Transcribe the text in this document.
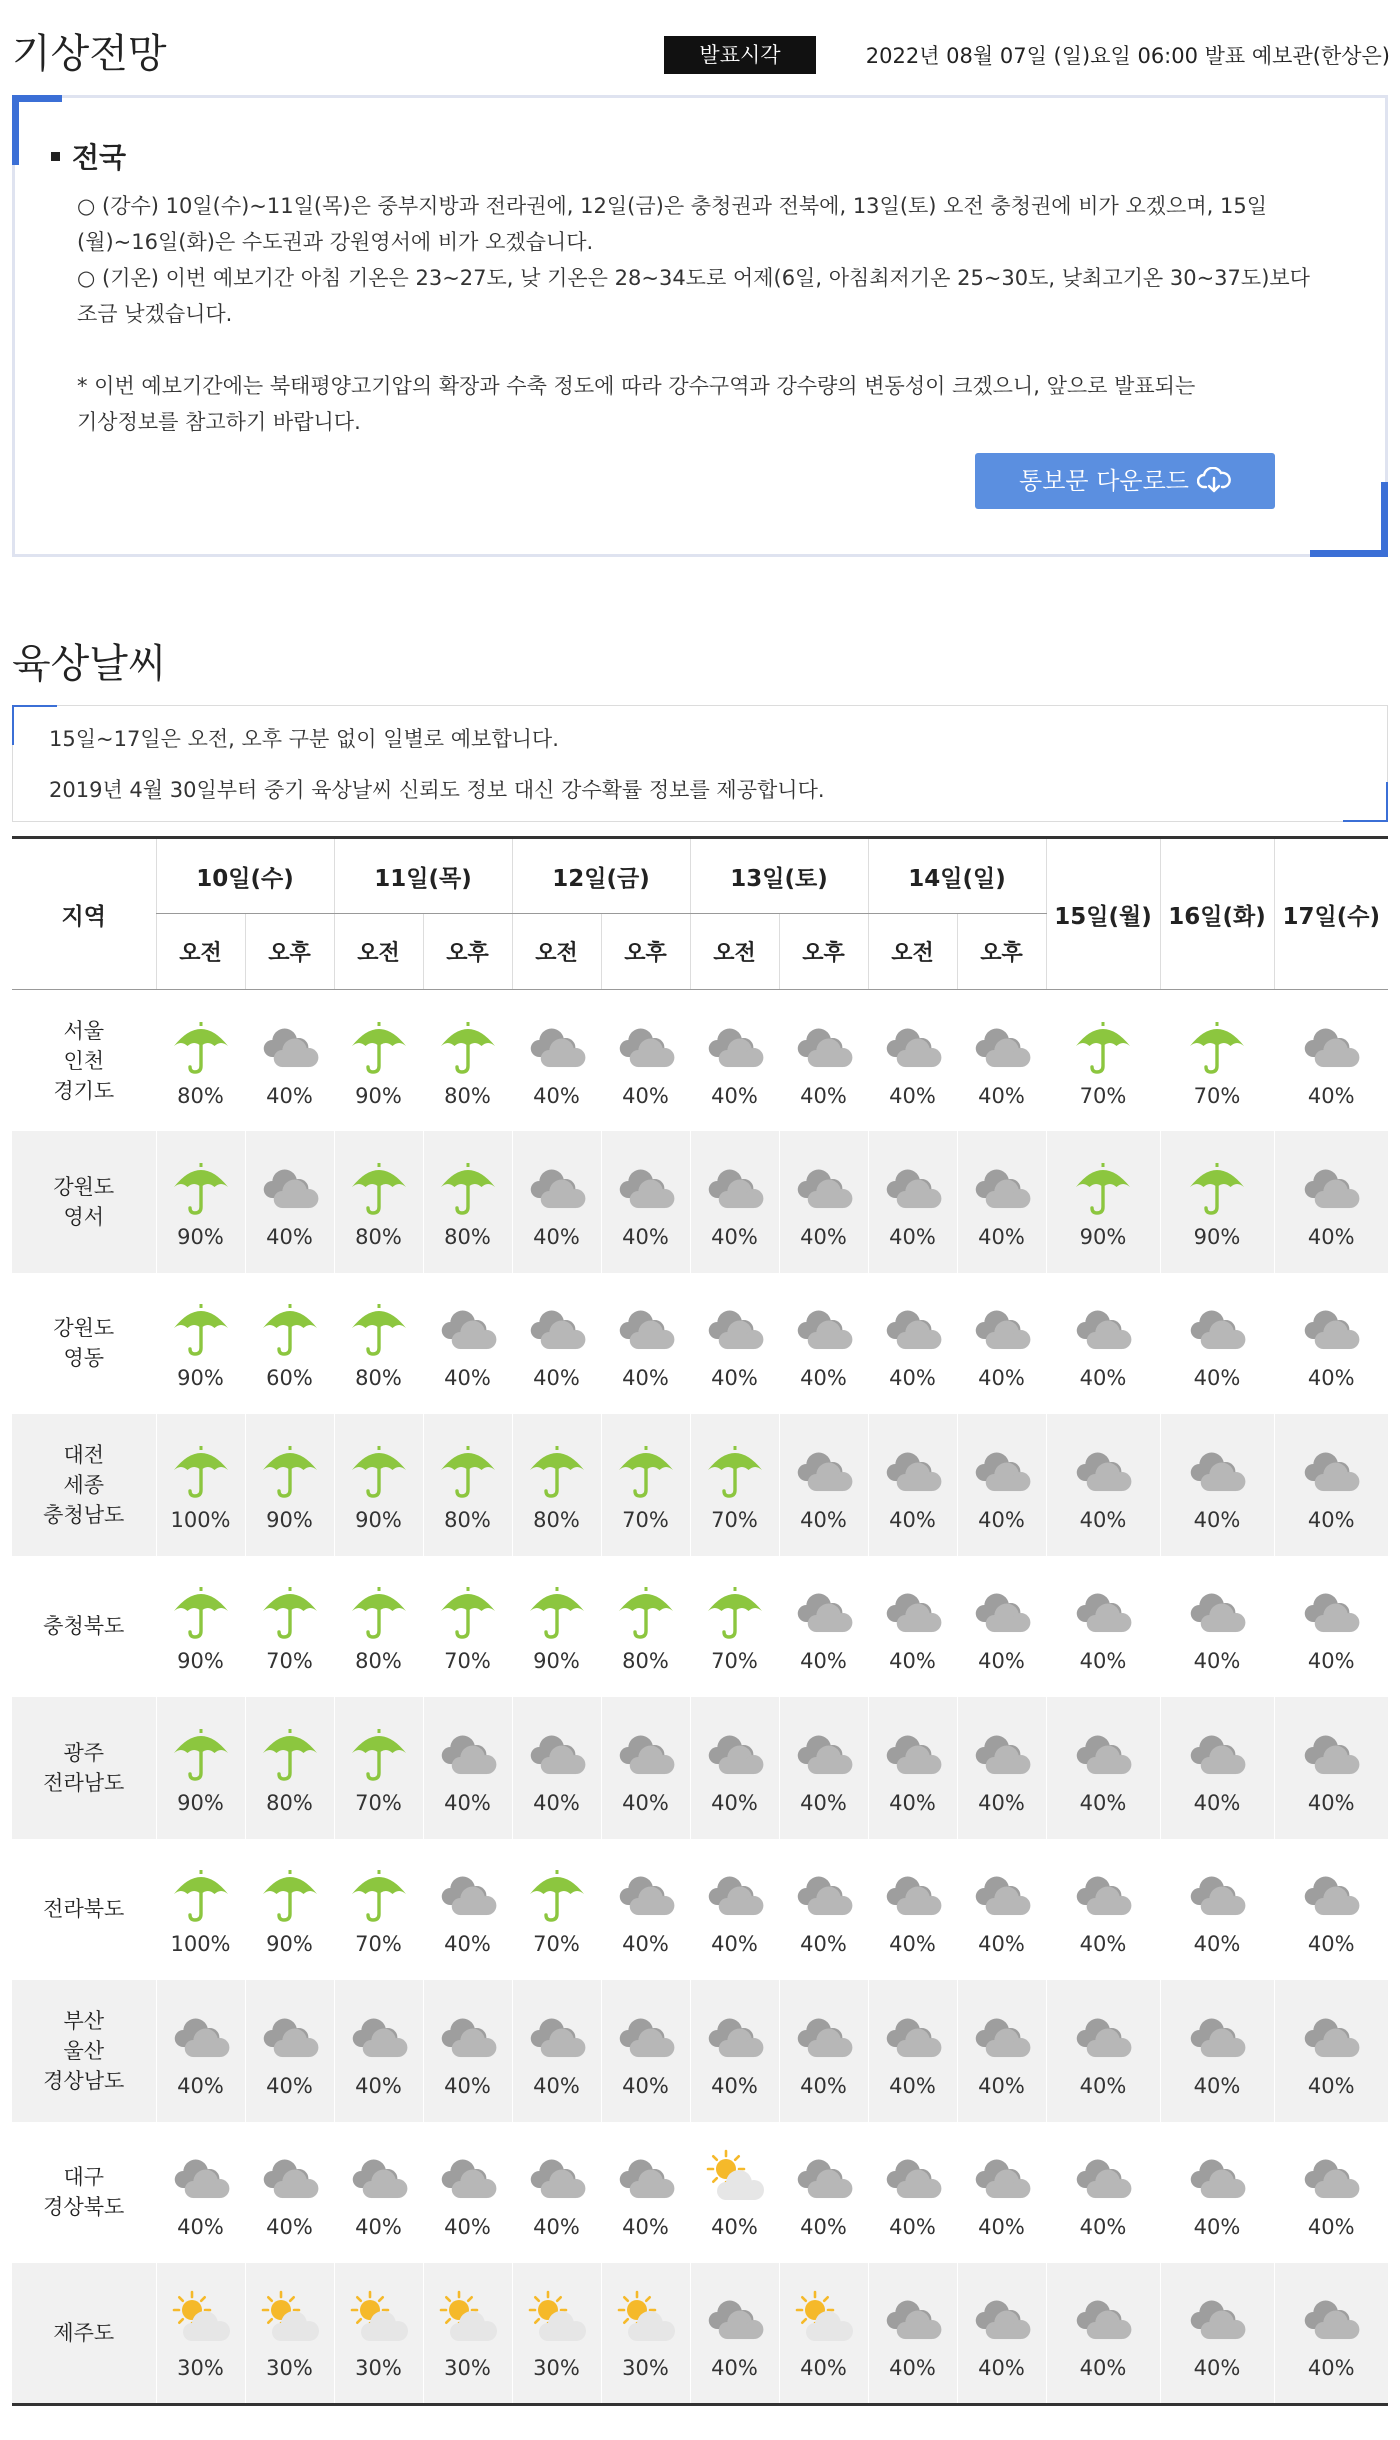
기상전망	발표시각	2022년 08월 07일 (일)요일 06:00 발표 예보관(한상은)
전국

○ (강수) 10일(수)~11일(목)은 중부지방과 전라권에, 12일(금)은 충청권과 전북에, 13일(토) 오전 충청권에 비가 오겠으며, 15일

(월)~16일(화)은 수도권과 강원영서에 비가 오겠습니다.

○ (기온) 이번 예보기간 아침 기온은 23~27도, 낮 기온은 28~34도로 어제(6일, 아침최저기온 25~30도, 낮최고기온 30~37도)보다

조금 낮겠습니다.

* 이번 예보기간에는 북태평양고기압의 확장과 수축 정도에 따라 강수구역과 강수량의 변동성이 크겠으니, 앞으로 발표되는

기상정보를 참고하기 바랍니다.

통보문 다운로드
육상날씨

15일~17일은 오전, 오후 구분 없이 일별로 예보합니다.

2019년 4월 30일부터 중기 육상날씨 신뢰도 정보 대신 강수확률 정보를 제공합니다.

지역	10일(수)		11일(목)		12일(금)		13일(토)		14일(일)		15일(월)	16일(화)	17일(수)
	오전	오후	오전	오후	오전	오후	오전	오후	오전	오후			

서울
인천
경기도	80%	40%	90%	80%	40%	40%	40%	40%	40%	40%	70%	70%	40%

강원도
영서	90%	40%	80%	80%	40%	40%	40%	40%	40%	40%	90%	90%	40%

강원도
영동	90%	60%	80%	40%	40%	40%	40%	40%	40%	40%	40%	40%	40%

대전
세종
충청남도	100%	90%	90%	80%	80%	70%	70%	40%	40%	40%	40%	40%	40%

충청북도	90%	70%	80%	70%	90%	80%	70%	40%	40%	40%	40%	40%	40%

광주
전라남도	90%	80%	70%	40%	40%	40%	40%	40%	40%	40%	40%	40%	40%

전라북도	100%	90%	70%	40%	70%	40%	40%	40%	40%	40%	40%	40%	40%

부산
울산
경상남도	40%	40%	40%	40%	40%	40%	40%	40%	40%	40%	40%	40%	40%

대구
경상북도	40%	40%	40%	40%	40%	40%	40%	40%	40%	40%	40%	40%	40%

제주도	30%	30%	30%	30%	30%	30%	40%	40%	40%	40%	40%	40%	40%
